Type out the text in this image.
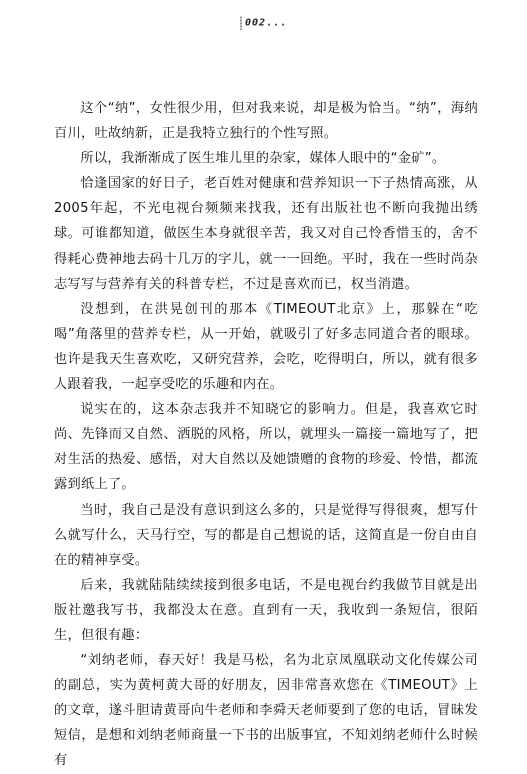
002...

这个“纳”，女性很少用，但对我来说，却是极为恰当。“纳”，海纳百川，吐故纳新，正是我特立独行的个性写照。

所以，我渐渐成了医生堆儿里的杂家，媒体人眼中的“金矿”。

恰逢国家的好日子，老百姓对健康和营养知识一下子热情高涨，从2005年起，不光电视台频频来找我，还有出版社也不断向我抛出绣球。可谁都知道，做医生本身就很辛苦，我又对自己怜香惜玉的，舍不得耗心费神地去码十几万的字儿，就一一回绝。平时，我在一些时尚杂志写写与营养有关的科普专栏，不过是喜欢而已，权当消遣。

没想到，在洪晃创刊的那本《TIMEOUT北京》上，那躲在“吃喝”角落里的营养专栏，从一开始，就吸引了好多志同道合者的眼球。也许是我天生喜欢吃，又研究营养，会吃，吃得明白，所以，就有很多人跟着我，一起享受吃的乐趣和内在。

说实在的，这本杂志我并不知晓它的影响力。但是，我喜欢它时尚、先锋而又自然、洒脱的风格，所以，就埋头一篇接一篇地写了，把对生活的热爱、感悟，对大自然以及她馈赠的食物的珍爱、怜惜，都流露到纸上了。

当时，我自己是没有意识到这么多的，只是觉得写得很爽，想写什么就写什么，天马行空，写的都是自己想说的话，这简直是一份自由自在的精神享受。

后来，我就陆陆续续接到很多电话，不是电视台约我做节目就是出版社邀我写书，我都没太在意。直到有一天，我收到一条短信，很陌生，但很有趣：

“刘纳老师，春天好！我是马松，名为北京凤凰联动文化传媒公司的副总，实为黄柯黄大哥的好朋友，因非常喜欢您在《TIMEOUT》上的文章，遂斗胆请黄哥向牛老师和李舜天老师要到了您的电话，冒昧发短信，是想和刘纳老师商量一下书的出版事宜，不知刘纳老师什么时候有
